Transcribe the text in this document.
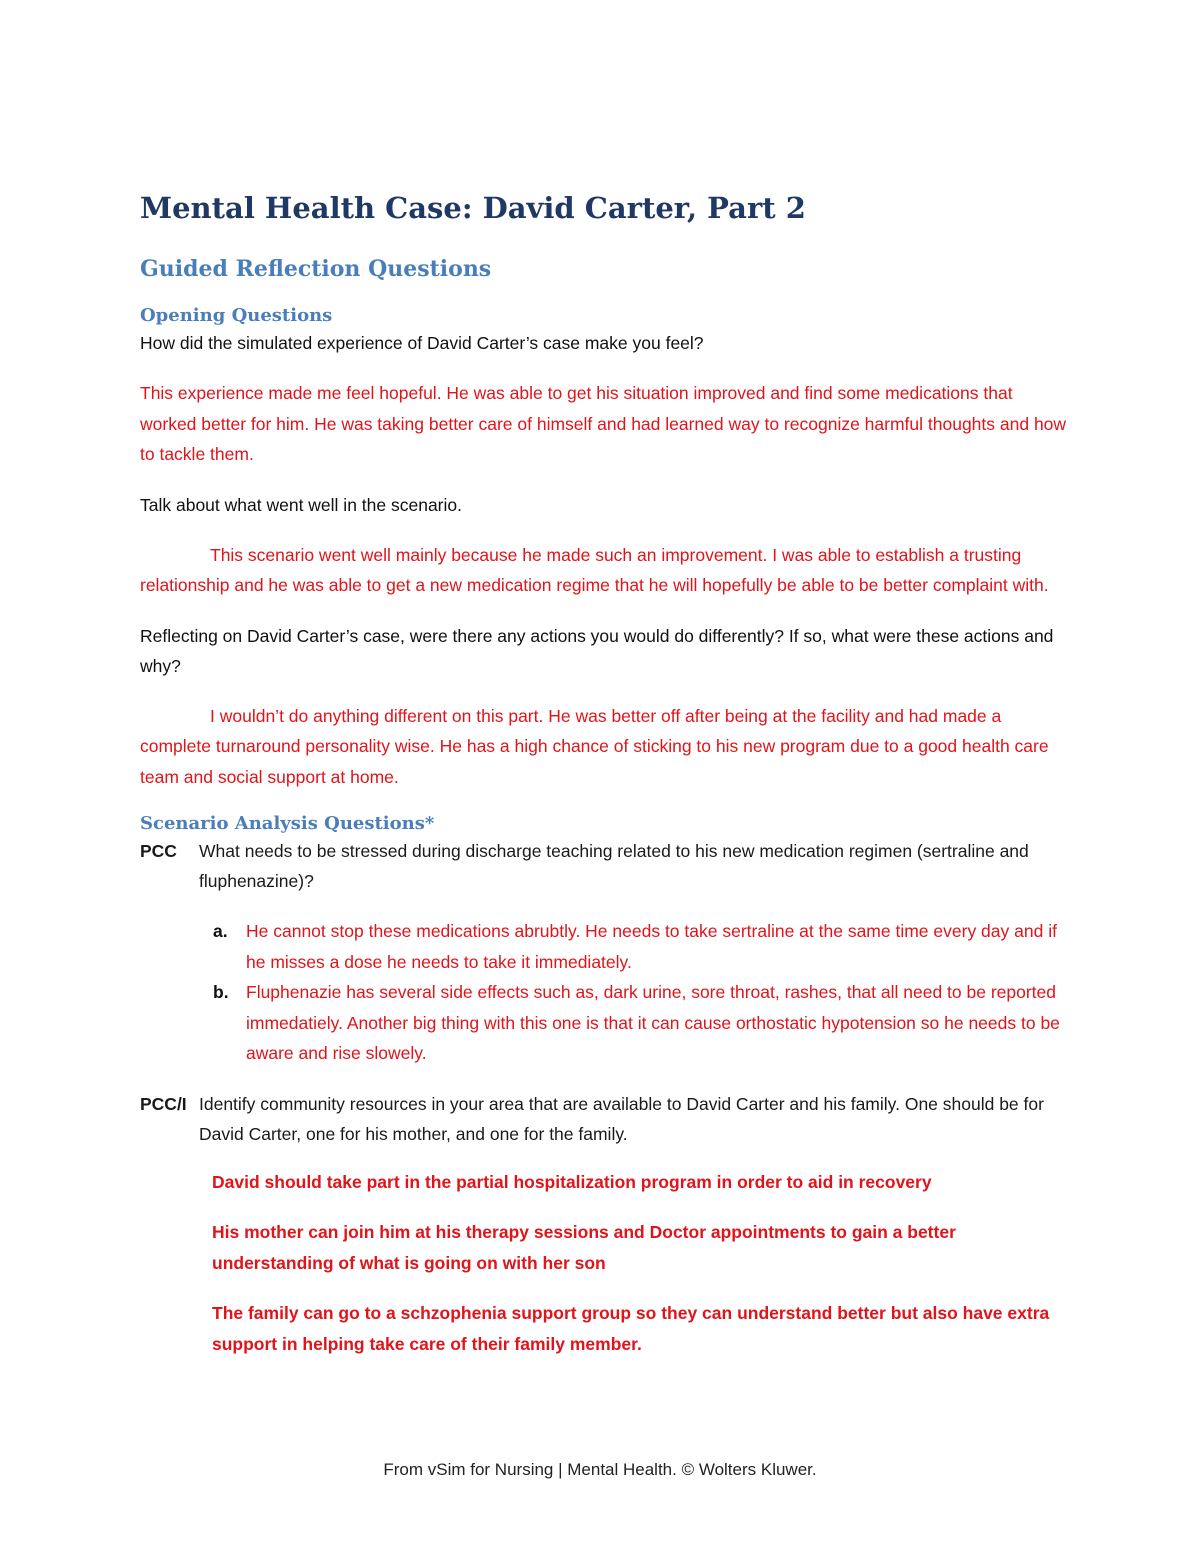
Mental Health Case: David Carter, Part 2
Guided Reflection Questions
Opening Questions

How did the simulated experience of David Carter’s case make you feel?

This experience made me feel hopeful. He was able to get his situation improved and find some medications that worked better for him. He was taking better care of himself and had learned way to recognize harmful thoughts and how to tackle them.

Talk about what went well in the scenario.

This scenario went well mainly because he made such an improvement. I was able to establish a trusting relationship and he was able to get a new medication regime that he will hopefully be able to be better complaint with.

Reflecting on David Carter’s case, were there any actions you would do differently? If so, what were these actions and why?

I wouldn’t do anything different on this part. He was better off after being at the facility and had made a complete turnaround personality wise. He has a high chance of sticking to his new program due to a good health care team and social support at home.

Scenario Analysis Questions*
PCC	What needs to be stressed during discharge teaching related to his new medication regimen (sertraline and fluphenazine)?
a.	He cannot stop these medications abrubtly. He needs to take sertraline at the same time every day and if he misses a dose he needs to take it immediately.
b. Fluphenazie has several side effects such as, dark urine, sore throat, rashes, that all need to be reported immedatiely. Another big thing with this one is that it can cause orthostatic hypotension so he needs to be aware and rise slowely.
PCC/I Identify community resources in your area that are available to David Carter and his family. One should be for David Carter, one for his mother, and one for the family.

David should take part in the partial hospitalization program in order to aid in recovery

His mother can join him at his therapy sessions and Doctor appointments to gain a better understanding of what is going on with her son

The family can go to a schzophenia support group so they can understand better but also have extra support in helping take care of their family member.

From vSim for Nursing | Mental Health. © Wolters Kluwer.
